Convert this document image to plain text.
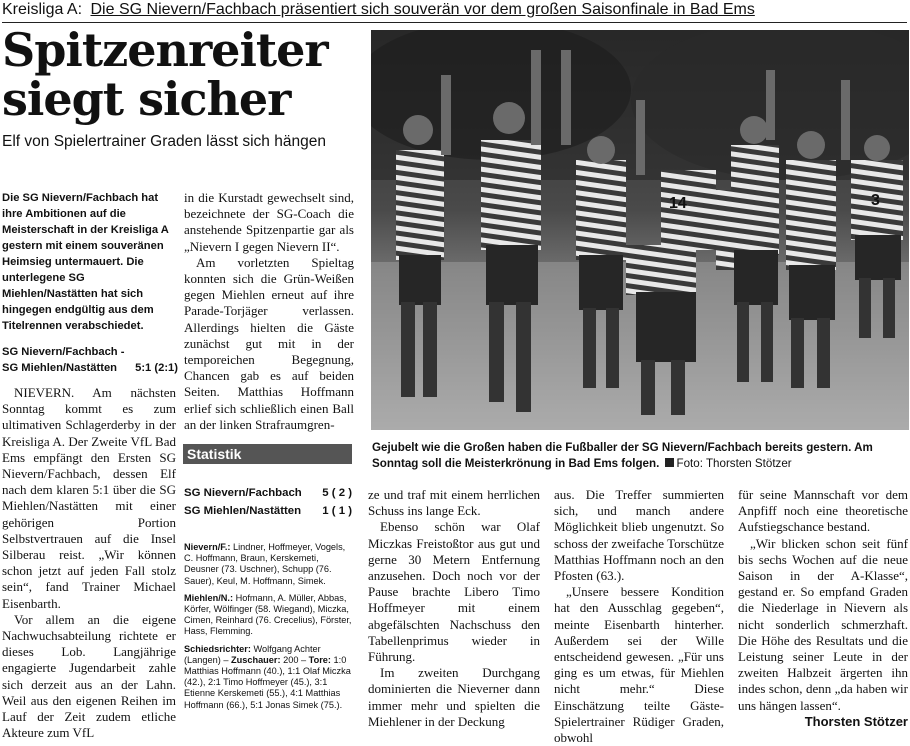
Kreisliga A: Die SG Nievern/Fachbach präsentiert sich souverän vor dem großen Saisonfinale in Bad Ems
Spitzenreiter
siegt sicher
Elf von Spielertrainer Graden lässt sich hängen
Die SG Nievern/Fachbach hat ihre Ambitionen auf die Meisterschaft in der Kreisliga A gestern mit einem souveränen Heimsieg untermauert. Die unterlegene SG Miehlen/Nastätten hat sich hingegen endgültig aus dem Titelrennen verabschiedet.
SG Nievern/Fachbach -
SG Miehlen/Nastätten 5:1 (2:1)

NIEVERN. Am nächsten Sonntag kommt es zum ultimativen Schlagerderby in der Kreisliga A. Der Zweite VfL Bad Ems empfängt den Ersten SG Nievern/Fachbach, dessen Elf nach dem klaren 5:1 über die SG Miehlen/Nastätten mit einer gehörigen Portion Selbstvertrauen auf die Insel Silberau reist. „Wir können schon jetzt auf jeden Fall stolz sein“, fand Trainer Michael Eisenbarth.

Vor allem an die eigene Nachwuchsabteilung richtete er dieses Lob. Langjährige engagierte Jugendarbeit zahle sich derzeit aus an der Lahn. Weil aus den eigenen Reihen im Lauf der Zeit zudem etliche Akteure zum VfL

in die Kurstadt gewechselt sind, bezeichnete der SG-Coach die anstehende Spitzenpartie gar als „Nievern I gegen Nievern II“.

Am vorletzten Spieltag konnten sich die Grün-Weißen gegen Miehlen erneut auf ihre Parade-Torjäger verlassen. Allerdings hielten die Gäste zunächst gut mit in der temporeichen Begegnung, Chancen gab es auf beiden Seiten. Matthias Hoffmann erlief sich schließlich einen Ball an der linken Strafraumgren-

Statistik
SG Nievern/Fachbach 5 ( 2 )
SG Miehlen/Nastätten 1 ( 1 )

Nievern/F.: Lindner, Hoffmeyer, Vogels, C. Hoffmann, Braun, Kerskemeti, Deusner (73. Uschner), Schupp (76. Sauer), Keul, M. Hoffmann, Simek.

Miehlen/N.: Hofmann, A. Müller, Abbas, Körfer, Wölfinger (58. Wiegand), Miczka, Cimen, Reinhard (76. Crecelius), Förster, Hass, Flemming.

Schiedsrichter: Wolfgang Achter (Langen) – Zuschauer: 200 – Tore: 1:0 Matthias Hoffmann (40.), 1:1 Olaf Miczka (42.), 2:1 Timo Hoffmeyer (45.), 3:1 Etienne Kerskemeti (55.), 4:1 Matthias Hoffmann (66.), 5:1 Jonas Simek (75.).

14	3
Gejubelt wie die Großen haben die Fußballer der SG Nievern/Fachbach bereits gestern. Am Sonntag soll die Meisterkrönung in Bad Ems folgen. Foto: Thorsten Stötzer

ze und traf mit einem herrlichen Schuss ins lange Eck.

Ebenso schön war Olaf Miczkas Freistoßtor aus gut und gerne 30 Metern Entfernung anzusehen. Doch noch vor der Pause brachte Libero Timo Hoffmeyer mit einem abgefälschten Nachschuss den Tabellenprimus wieder in Führung.

Im zweiten Durchgang dominierten die Nieverner dann immer mehr und spielten die Miehlener in der Deckung

aus. Die Treffer summierten sich, und manch andere Möglichkeit blieb ungenutzt. So schoss der zweifache Torschütze Matthias Hoffmann noch an den Pfosten (63.).

„Unsere bessere Kondition hat den Ausschlag gegeben“, meinte Eisenbarth hinterher. Außerdem sei der Wille entscheidend gewesen. „Für uns ging es um etwas, für Miehlen nicht mehr.“ Diese Einschätzung teilte Gäste-Spielertrainer Rüdiger Graden, obwohl

für seine Mannschaft vor dem Anpfiff noch eine theoretische Aufstiegschance bestand.

„Wir blicken schon seit fünf bis sechs Wochen auf die neue Saison in der A-Klasse“, gestand er. So empfand Graden die Niederlage in Nievern als nicht sonderlich schmerzhaft. Die Höhe des Resultats und die Leistung seiner Leute in der zweiten Halbzeit ärgerten ihn indes schon, denn „da haben wir uns hängen lassen“.

Thorsten Stötzer
